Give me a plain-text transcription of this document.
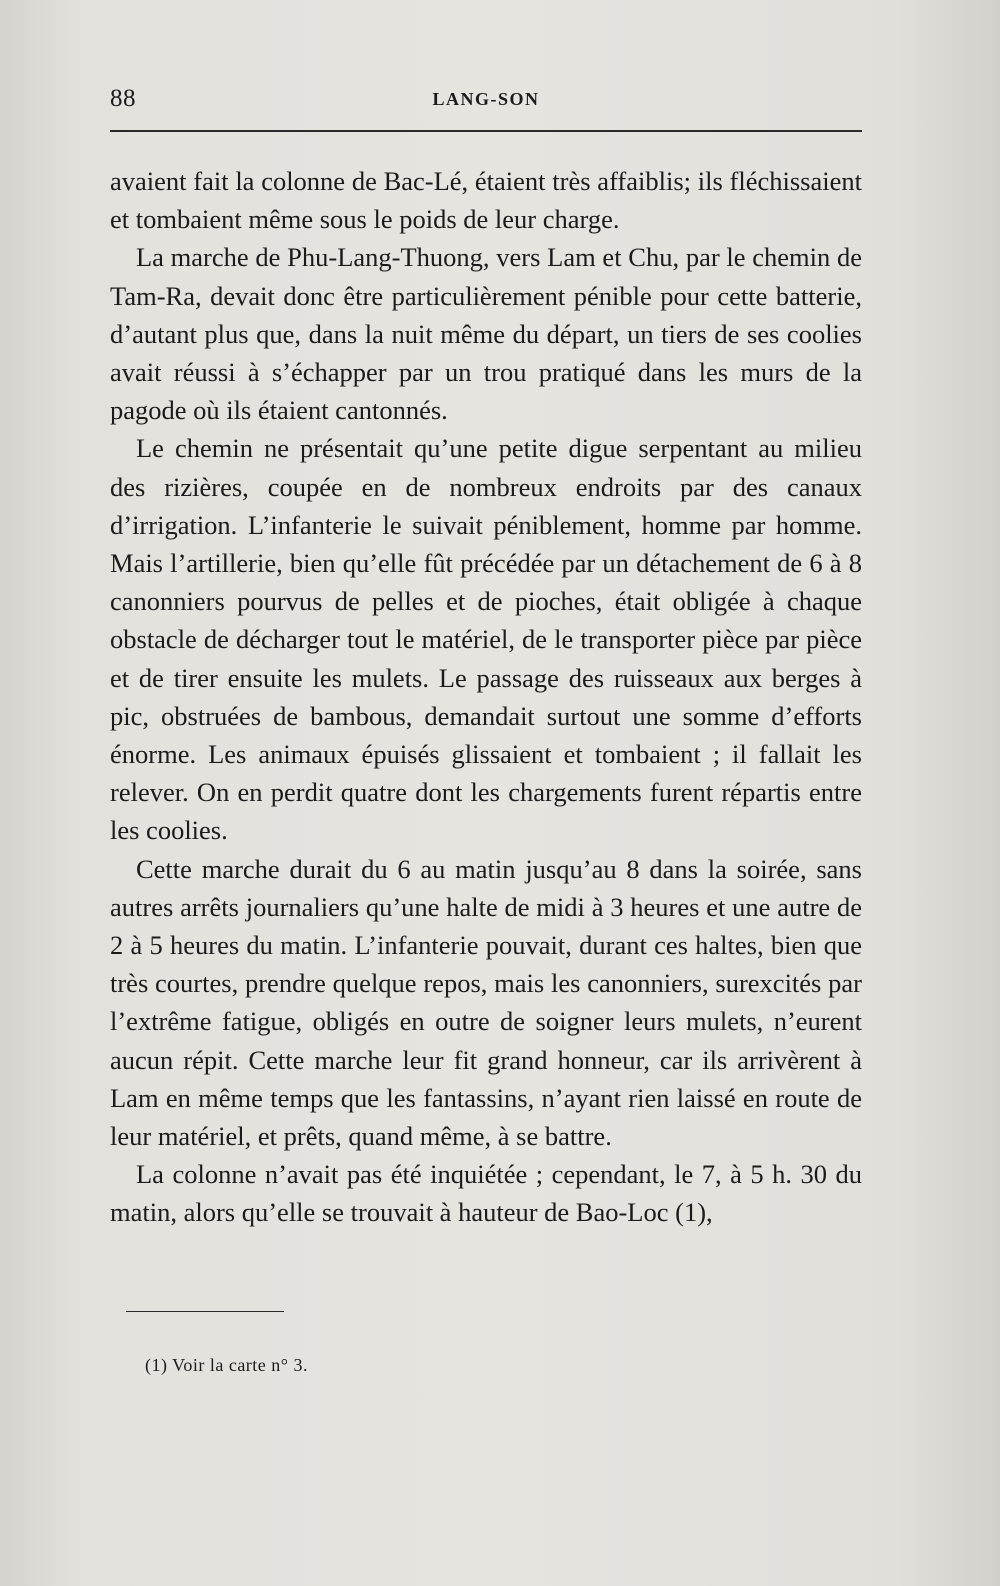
88	LANG-SON

avaient fait la colonne de Bac-Lé, étaient très affaiblis; ils fléchissaient et tombaient même sous le poids de leur charge.

La marche de Phu-Lang-Thuong, vers Lam et Chu, par le chemin de Tam-Ra, devait donc être particulièrement pénible pour cette batterie, d’autant plus que, dans la nuit même du départ, un tiers de ses coolies avait réussi à s’échapper par un trou pratiqué dans les murs de la pagode où ils étaient cantonnés.

Le chemin ne présentait qu’une petite digue serpentant au milieu des rizières, coupée en de nombreux endroits par des canaux d’irrigation. L’infanterie le suivait péniblement, homme par homme. Mais l’artillerie, bien qu’elle fût précédée par un détachement de 6 à 8 canonniers pourvus de pelles et de pioches, était obligée à chaque obstacle de décharger tout le matériel, de le transporter pièce par pièce et de tirer ensuite les mulets. Le passage des ruisseaux aux berges à pic, obstruées de bambous, demandait surtout une somme d’efforts énorme. Les animaux épuisés glissaient et tombaient ; il fallait les relever. On en perdit quatre dont les chargements furent répartis entre les coolies.

Cette marche durait du 6 au matin jusqu’au 8 dans la soirée, sans autres arrêts journaliers qu’une halte de midi à 3 heures et une autre de 2 à 5 heures du matin. L’infanterie pouvait, durant ces haltes, bien que très courtes, prendre quelque repos, mais les canonniers, surexcités par l’extrême fatigue, obligés en outre de soigner leurs mulets, n’eurent aucun répit. Cette marche leur fit grand honneur, car ils arrivèrent à Lam en même temps que les fantassins, n’ayant rien laissé en route de leur matériel, et prêts, quand même, à se battre.

La colonne n’avait pas été inquiétée ; cependant, le 7, à 5 h. 30 du matin, alors qu’elle se trouvait à hauteur de Bao-Loc (1),

(1) Voir la carte n° 3.
